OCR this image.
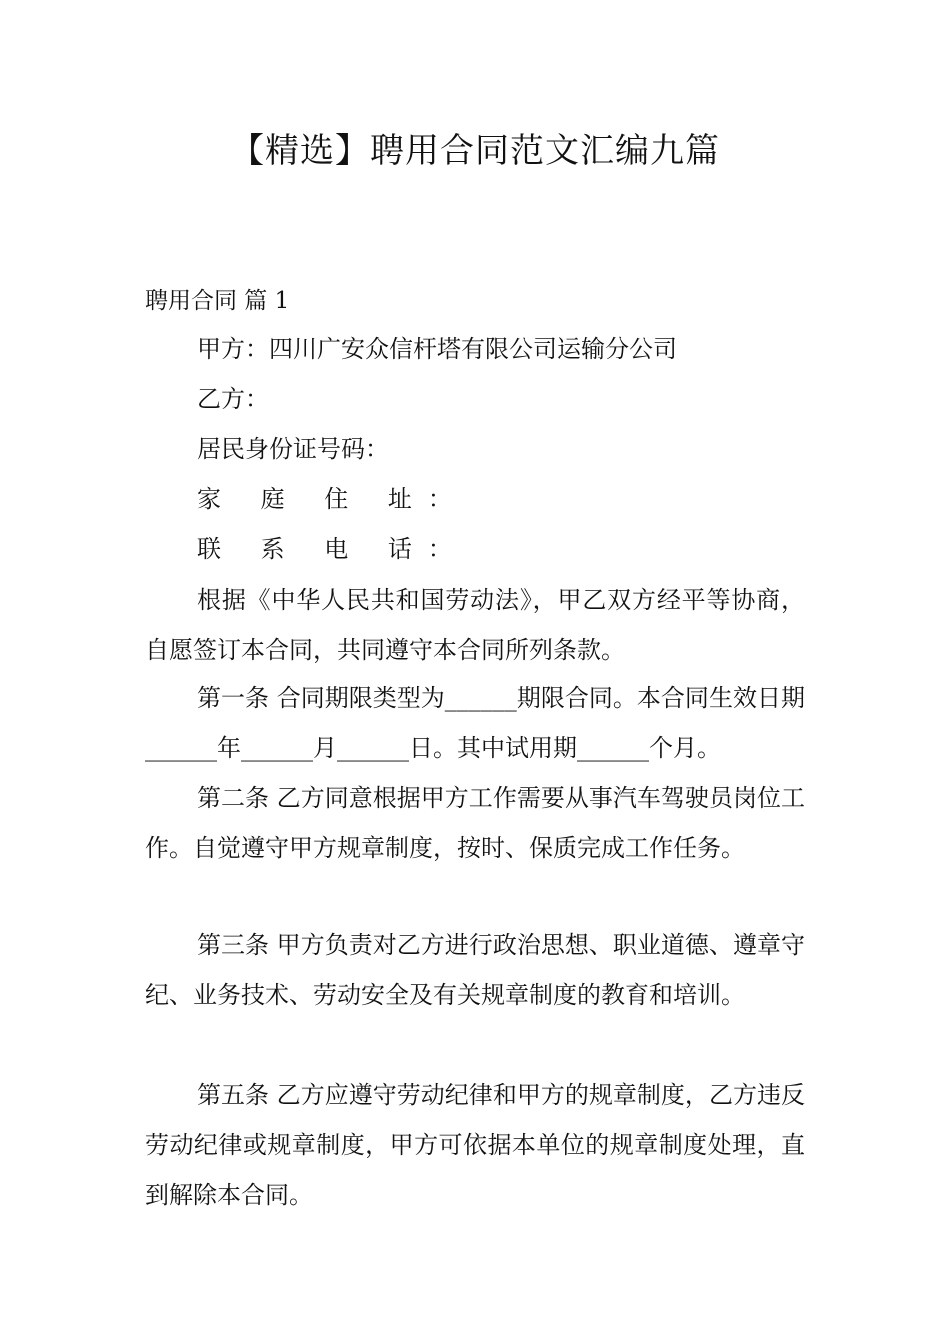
【精选】聘用合同范文汇编九篇
聘用合同 篇 1

甲方：四川广安众信杆塔有限公司运输分公司

乙方：

居民身份证号码：

家 庭 住 址：

联 系 电 话：

根据《中华人民共和国劳动法》，甲乙双方经平等协商，自愿签订本合同，共同遵守本合同所列条款。

第一条 合同期限类型为______期限合同。本合同生效日期______年______月______日。其中试用期______个月。

第二条 乙方同意根据甲方工作需要从事汽车驾驶员岗位工作。自觉遵守甲方规章制度，按时、保质完成工作任务。

第三条 甲方负责对乙方进行政治思想、职业道德、遵章守纪、业务技术、劳动安全及有关规章制度的教育和培训。

第五条 乙方应遵守劳动纪律和甲方的规章制度，乙方违反劳动纪律或规章制度，甲方可依据本单位的规章制度处理，直到解除本合同。
